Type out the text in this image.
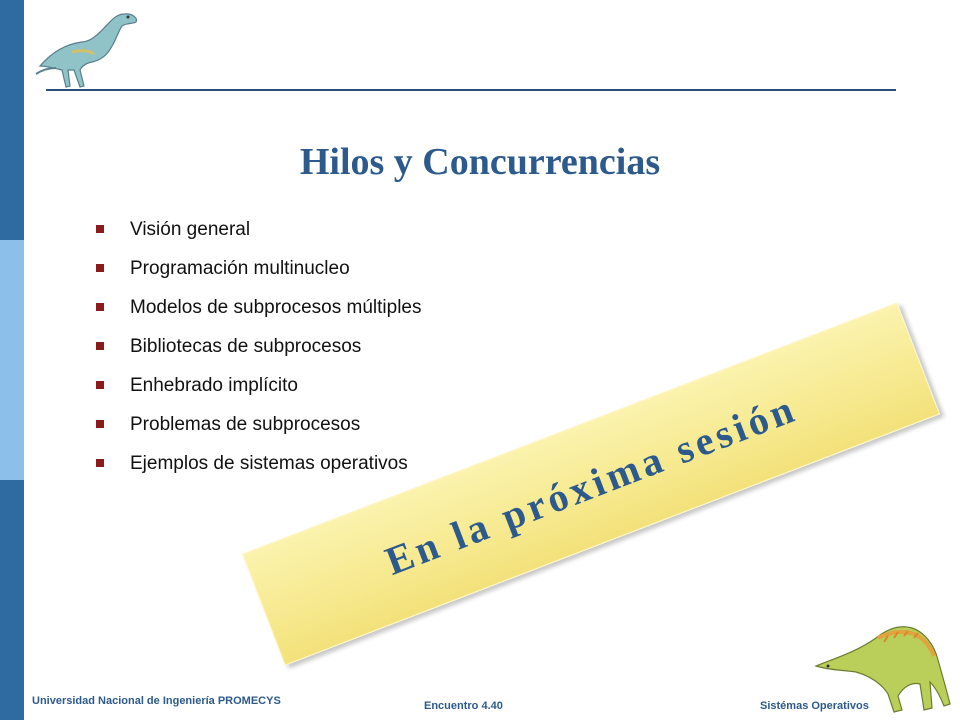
Hilos y Concurrencias
Visión general
Programación multinucleo
Modelos de subprocesos múltiples
Bibliotecas de subprocesos
Enhebrado implícito
Problemas de subprocesos
Ejemplos de sistemas operativos
En la próxima sesión
Universidad Nacional de Ingeniería PROMECYS	Encuentro 4.40	Sistémas Operativos
